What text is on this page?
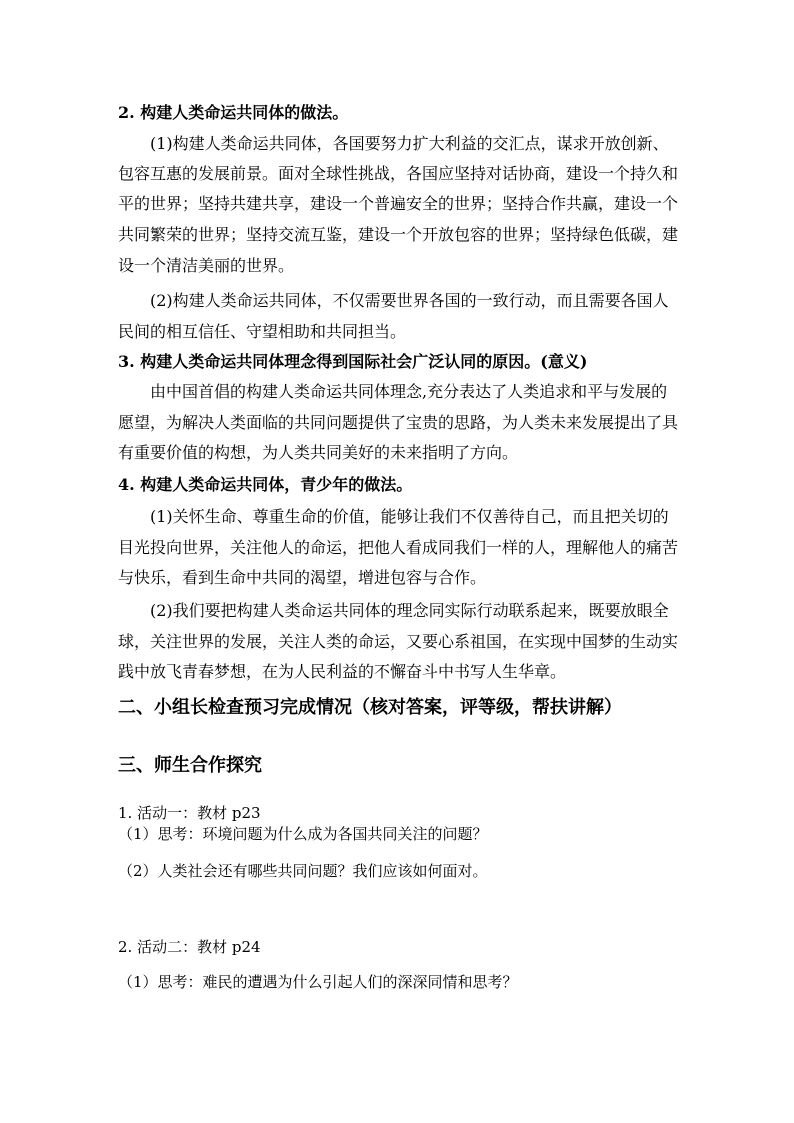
2. 构建人类命运共同体的做法。
(1)构建人类命运共同体，各国要努力扩大利益的交汇点，谋求开放创新、
包容互惠的发展前景。面对全球性挑战，各国应坚持对话协商，建设一个持久和
平的世界；坚持共建共享，建设一个普遍安全的世界；坚持合作共赢，建设一个
共同繁荣的世界；坚持交流互鉴，建设一个开放包容的世界；坚持绿色低碳，建
设一个清洁美丽的世界。
(2)构建人类命运共同体，不仅需要世界各国的一致行动，而且需要各国人
民间的相互信任、守望相助和共同担当。
3. 构建人类命运共同体理念得到国际社会广泛认同的原因。(意义)
由中国首倡的构建人类命运共同体理念,充分表达了人类追求和平与发展的
愿望，为解决人类面临的共同问题提供了宝贵的思路，为人类未来发展提出了具
有重要价值的构想，为人类共同美好的未来指明了方向。
4. 构建人类命运共同体，青少年的做法。
(1)关怀生命、尊重生命的价值，能够让我们不仅善待自己，而且把关切的
目光投向世界，关注他人的命运，把他人看成同我们一样的人，理解他人的痛苦
与快乐，看到生命中共同的渴望，增进包容与合作。
(2)我们要把构建人类命运共同体的理念同实际行动联系起来，既要放眼全
球，关注世界的发展，关注人类的命运，又要心系祖国，在实现中国梦的生动实
践中放飞青春梦想，在为人民利益的不懈奋斗中书写人生华章。
二、小组长检查预习完成情况（核对答案，评等级，帮扶讲解）
三、师生合作探究
1. 活动一：教材 p23
（1）思考：环境问题为什么成为各国共同关注的问题？
（2）人类社会还有哪些共同问题？我们应该如何面对。
2. 活动二：教材 p24
（1）思考：难民的遭遇为什么引起人们的深深同情和思考？
